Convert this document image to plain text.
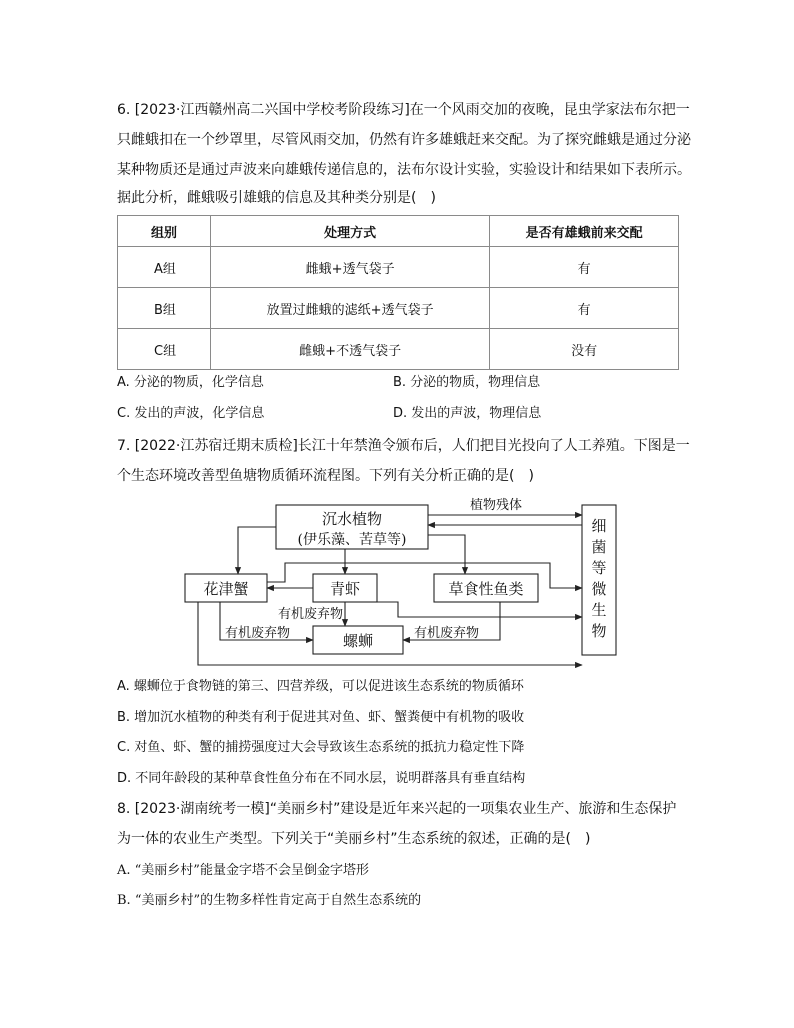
6. [2023·江西赣州高二兴国中学校考阶段练习]在一个风雨交加的夜晚，昆虫学家法布尔把一
只雌蛾扣在一个纱罩里，尽管风雨交加，仍然有许多雄蛾赶来交配。为了探究雌蛾是通过分泌
某种物质还是通过声波来向雄蛾传递信息的，法布尔设计实验，实验设计和结果如下表所示。
据此分析，雌蛾吸引雄蛾的信息及其种类分别是(　)
组别	处理方式	是否有雄蛾前来交配
A组	雌蛾+透气袋子	有
B组	放置过雌蛾的滤纸+透气袋子	有
C组	雌蛾+不透气袋子	没有
A. 分泌的物质，化学信息	B. 分泌的物质，物理信息
C. 发出的声波，化学信息	D. 发出的声波，物理信息
7. [2022·江苏宿迁期末质检]长江十年禁渔令颁布后，人们把目光投向了人工养殖。下图是一
个生态环境改善型鱼塘物质循环流程图。下列有关分析正确的是(　)
沉水植物
(伊乐藻、苦草等)
花津蟹	青虾	草食性鱼类
螺蛳
植物残体
有机废弃物
有机废弃物	有机废弃物
细
菌
等
微
生
物
A. 螺蛳位于食物链的第三、四营养级，可以促进该生态系统的物质循环
B. 增加沉水植物的种类有利于促进其对鱼、虾、蟹粪便中有机物的吸收
C. 对鱼、虾、蟹的捕捞强度过大会导致该生态系统的抵抗力稳定性下降
D. 不同年龄段的某种草食性鱼分布在不同水层，说明群落具有垂直结构
8. [2023·湖南统考一模]“美丽乡村”建设是近年来兴起的一项集农业生产、旅游和生态保护
为一体的农业生产类型。下列关于“美丽乡村”生态系统的叙述，正确的是(　)
A. “美丽乡村”能量金字塔不会呈倒金字塔形
B. “美丽乡村”的生物多样性肯定高于自然生态系统的
